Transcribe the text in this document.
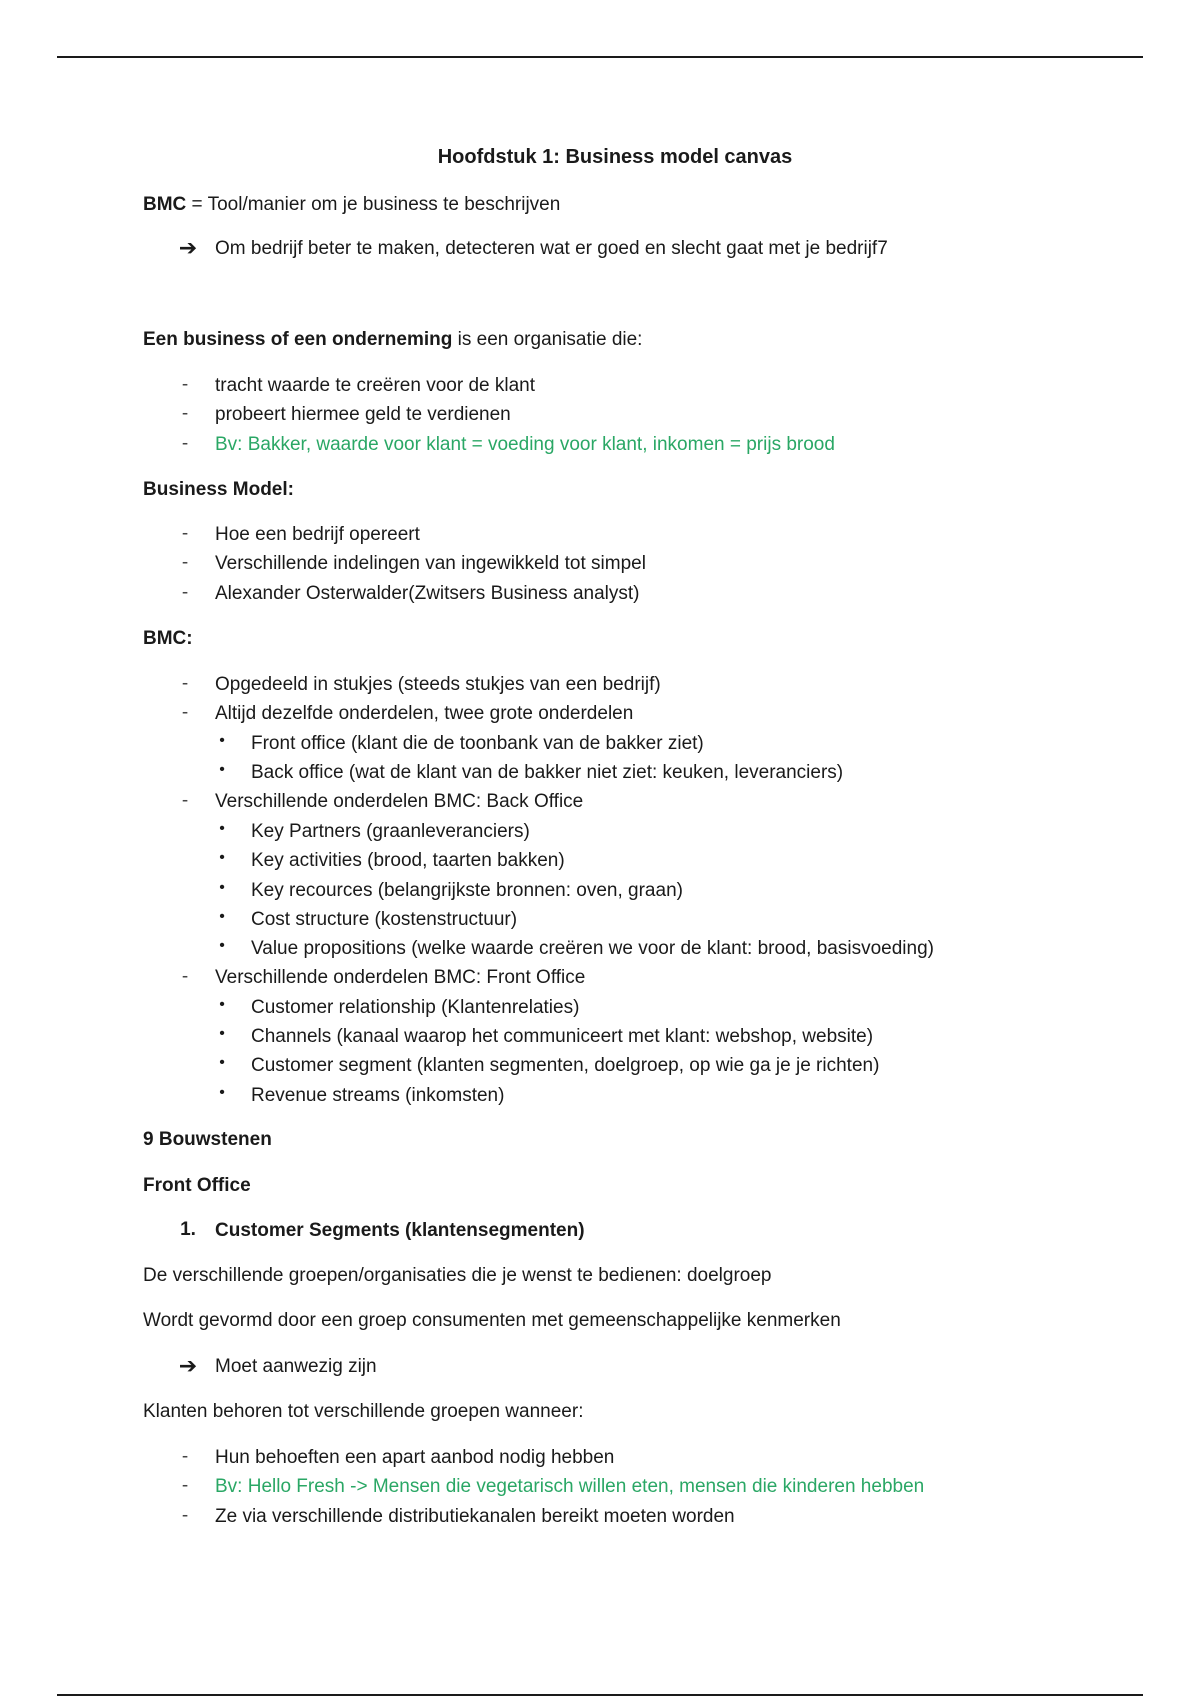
Hoofdstuk 1: Business model canvas
BMC = Tool/manier om je business te beschrijven
➔ Om bedrijf beter te maken, detecteren wat er goed en slecht gaat met je bedrijf7
Een business of een onderneming is een organisatie die:
-	tracht waarde te creëren voor de klant
-	probeert hiermee geld te verdienen
-	Bv: Bakker, waarde voor klant = voeding voor klant, inkomen = prijs brood
Business Model:
-	Hoe een bedrijf opereert
-	Verschillende indelingen van ingewikkeld tot simpel
-	Alexander Osterwalder(Zwitsers Business analyst)
BMC:
-	Opgedeeld in stukjes (steeds stukjes van een bedrijf)
-	Altijd dezelfde onderdelen, twee grote onderdelen
•	Front office (klant die de toonbank van de bakker ziet)
•	Back office (wat de klant van de bakker niet ziet: keuken, leveranciers)
-	Verschillende onderdelen BMC: Back Office
•	Key Partners (graanleveranciers)
•	Key activities (brood, taarten bakken)
•	Key recources (belangrijkste bronnen: oven, graan)
•	Cost structure (kostenstructuur)
•	Value propositions (welke waarde creëren we voor de klant: brood, basisvoeding)
-	Verschillende onderdelen BMC: Front Office
•	Customer relationship (Klantenrelaties)
•	Channels (kanaal waarop het communiceert met klant: webshop, website)
•	Customer segment (klanten segmenten, doelgroep, op wie ga je je richten)
•	Revenue streams (inkomsten)
9 Bouwstenen
Front Office
1. Customer Segments (klantensegmenten)
De verschillende groepen/organisaties die je wenst te bedienen: doelgroep
Wordt gevormd door een groep consumenten met gemeenschappelijke kenmerken
➔ Moet aanwezig zijn
Klanten behoren tot verschillende groepen wanneer:
-	Hun behoeften een apart aanbod nodig hebben
-	Bv: Hello Fresh -> Mensen die vegetarisch willen eten, mensen die kinderen hebben
-	Ze via verschillende distributiekanalen bereikt moeten worden
